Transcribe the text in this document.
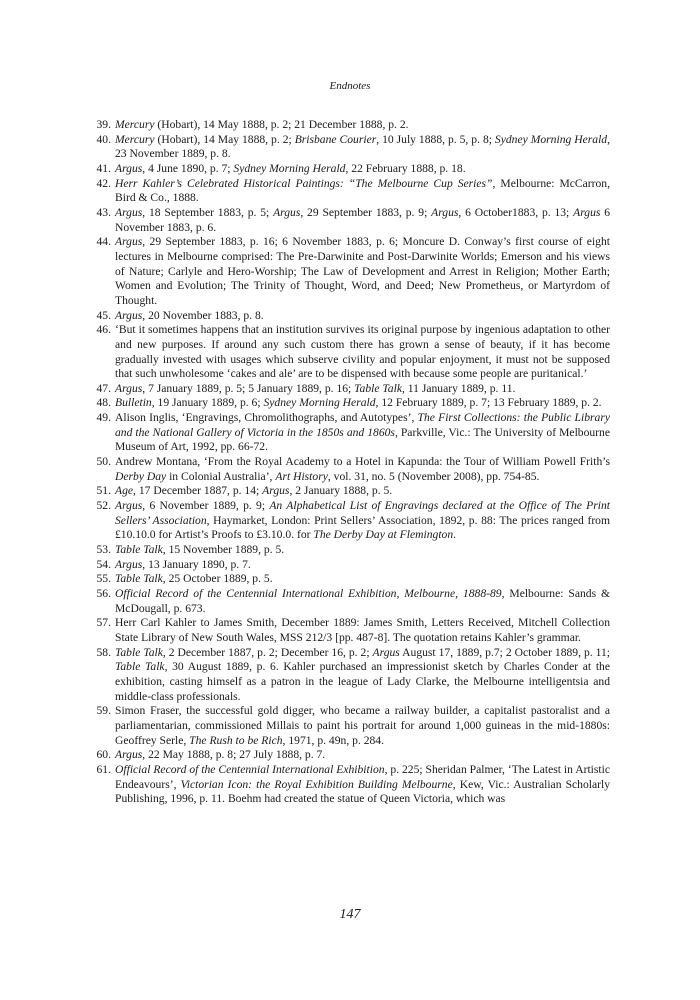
Endnotes
39. Mercury (Hobart), 14 May 1888, p. 2; 21 December 1888, p. 2.
40. Mercury (Hobart), 14 May 1888, p. 2; Brisbane Courier, 10 July 1888, p. 5, p. 8; Sydney Morning Herald, 23 November 1889, p. 8.
41. Argus, 4 June 1890, p. 7; Sydney Morning Herald, 22 February 1888, p. 18.
42. Herr Kahler’s Celebrated Historical Paintings: “The Melbourne Cup Series”, Melbourne: McCarron, Bird & Co., 1888.
43. Argus, 18 September 1883, p. 5; Argus, 29 September 1883, p. 9; Argus, 6 October1883, p. 13; Argus 6 November 1883, p. 6.
44. Argus, 29 September 1883, p. 16; 6 November 1883, p. 6; Moncure D. Conway’s first course of eight lectures in Melbourne comprised: The Pre-Darwinite and Post-Darwinite Worlds; Emerson and his views of Nature; Carlyle and Hero-Worship; The Law of Development and Arrest in Religion; Mother Earth; Women and Evolution; The Trinity of Thought, Word, and Deed; New Prometheus, or Martyrdom of Thought.
45. Argus, 20 November 1883, p. 8.
46. ‘But it sometimes happens that an institution survives its original purpose by ingenious adaptation to other and new purposes. If around any such custom there has grown a sense of beauty, if it has become gradually invested with usages which subserve civility and popular enjoyment, it must not be supposed that such unwholesome ‘cakes and ale’ are to be dispensed with because some people are puritanical.’
47. Argus, 7 January 1889, p. 5; 5 January 1889, p. 16; Table Talk, 11 January 1889, p. 11.
48. Bulletin, 19 January 1889, p. 6; Sydney Morning Herald, 12 February 1889, p. 7; 13 February 1889, p. 2.
49. Alison Inglis, ‘Engravings, Chromolithographs, and Autotypes’, The First Collections: the Public Library and the National Gallery of Victoria in the 1850s and 1860s, Parkville, Vic.: The University of Melbourne Museum of Art, 1992, pp. 66-72.
50. Andrew Montana, ‘From the Royal Academy to a Hotel in Kapunda: the Tour of William Powell Frith’s Derby Day in Colonial Australia’, Art History, vol. 31, no. 5 (November 2008), pp. 754-85.
51. Age, 17 December 1887, p. 14; Argus, 2 January 1888, p. 5.
52. Argus, 6 November 1889, p. 9; An Alphabetical List of Engravings declared at the Office of The Print Sellers’ Association, Haymarket, London: Print Sellers’ Association, 1892, p. 88: The prices ranged from £10.10.0 for Artist’s Proofs to £3.10.0. for The Derby Day at Flemington.
53. Table Talk, 15 November 1889, p. 5.
54. Argus, 13 January 1890, p. 7.
55. Table Talk, 25 October 1889, p. 5.
56. Official Record of the Centennial International Exhibition, Melbourne, 1888-89, Melbourne: Sands & McDougall, p. 673.
57. Herr Carl Kahler to James Smith, December 1889: James Smith, Letters Received, Mitchell Collection State Library of New South Wales, MSS 212/3 [pp. 487-8]. The quotation retains Kahler’s grammar.
58. Table Talk, 2 December 1887, p. 2; December 16, p. 2; Argus August 17, 1889, p.7; 2 October 1889, p. 11; Table Talk, 30 August 1889, p. 6. Kahler purchased an impressionist sketch by Charles Conder at the exhibition, casting himself as a patron in the league of Lady Clarke, the Melbourne intelligentsia and middle-class professionals.
59. Simon Fraser, the successful gold digger, who became a railway builder, a capitalist pastoralist and a parliamentarian, commissioned Millais to paint his portrait for around 1,000 guineas in the mid-1880s: Geoffrey Serle, The Rush to be Rich, 1971, p. 49n, p. 284.
60. Argus, 22 May 1888, p. 8; 27 July 1888, p. 7.
61. Official Record of the Centennial International Exhibition, p. 225; Sheridan Palmer, ‘The Latest in Artistic Endeavours’, Victorian Icon: the Royal Exhibition Building Melbourne, Kew, Vic.: Australian Scholarly Publishing, 1996, p. 11. Boehm had created the statue of Queen Victoria, which was
147
